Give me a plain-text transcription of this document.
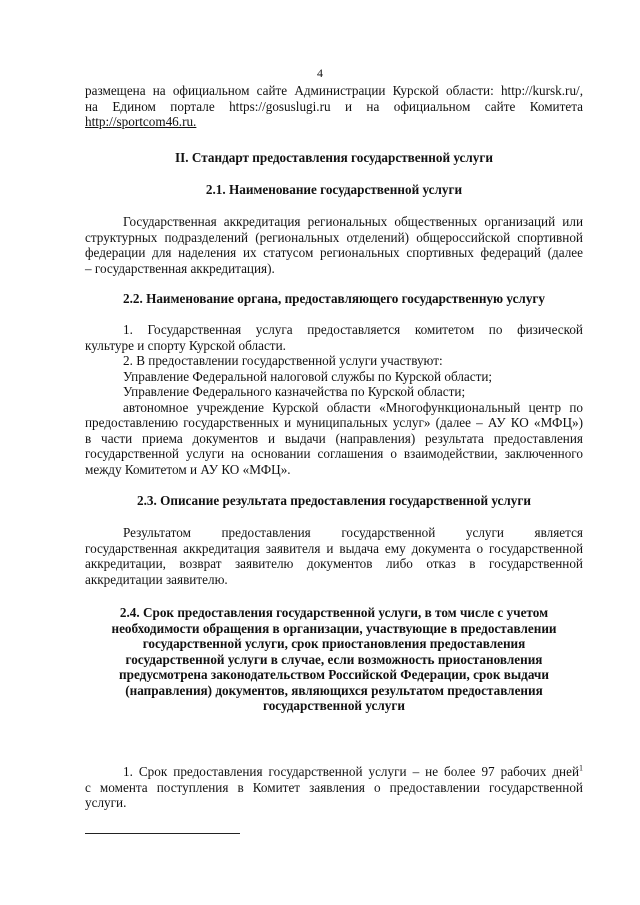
4
размещена на официальном сайте Администрации Курской области: http://kursk.ru/,
на Едином портале https://gosuslugi.ru и на официальном сайте Комитета
http://sportcom46.ru.
II. Стандарт предоставления государственной услуги
2.1. Наименование государственной услуги
Государственная аккредитация региональных общественных организаций или
структурных подразделений (региональных отделений) общероссийской спортивной
федерации для наделения их статусом региональных спортивных федераций (далее
– государственная аккредитация).
2.2. Наименование органа, предоставляющего государственную услугу
1. Государственная услуга предоставляется комитетом по физической
культуре и спорту Курской области.
2. В предоставлении государственной услуги участвуют:
Управление Федеральной налоговой службы по Курской области;
Управление Федерального казначейства по Курской области;
автономное учреждение Курской области «Многофункциональный центр по
предоставлению государственных и муниципальных услуг» (далее – АУ КО «МФЦ»)
в части приема документов и выдачи (направления) результата предоставления
государственной услуги на основании соглашения о взаимодействии, заключенного
между Комитетом и АУ КО «МФЦ».
2.3. Описание результата предоставления государственной услуги
Результатом предоставления государственной услуги является
государственная аккредитация заявителя и выдача ему документа о государственной
аккредитации, возврат заявителю документов либо отказ в государственной
аккредитации заявителю.
2.4. Срок предоставления государственной услуги, в том числе с учетом
необходимости обращения в организации, участвующие в предоставлении
государственной услуги, срок приостановления предоставления
государственной услуги в случае, если возможность приостановления
предусмотрена законодательством Российской Федерации, срок выдачи
(направления) документов, являющихся результатом предоставления
государственной услуги
1. Срок предоставления государственной услуги – не более 97 рабочих дней$^1$
с момента поступления в Комитет заявления о предоставлении государственной
услуги.
